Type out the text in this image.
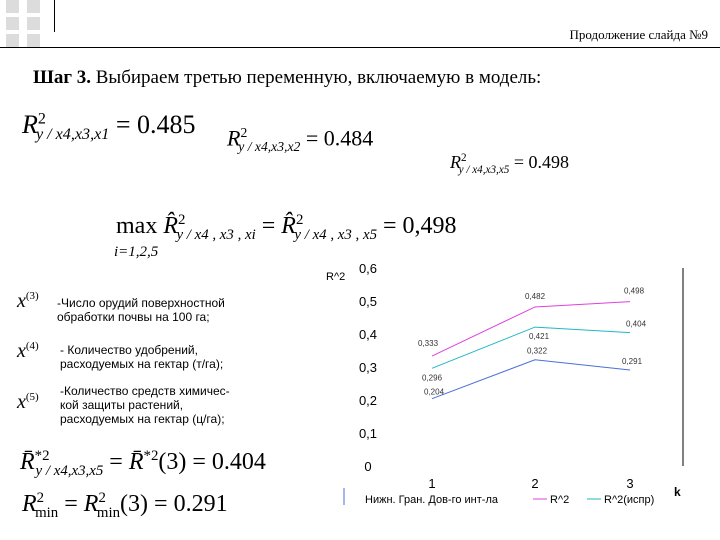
Продолжение слайда №9
Шаг 3. Выбираем третью переменную, включаемую в модель:
$R^2_{y / x4,x3,x1} = 0.485$ $R^2_{y / x4,x3,x2} = 0.484$
$R^2_{y / x4,x3,x5} = 0.498$
max R̂$^2_{y / x4 , x3 , xi}$ = R̂$^2_{y / x4 , x3 , x5}$ = 0,498
i=1,2,5
$x^{(3)}$ -Число орудий поверхностной
обработки почвы на 100 га;
$x^{(4)}$ - Количество удобрений,
расходуемых на гектар (т/га);
$x^{(5)}$ -Количество средств химичес-
кой защиты растений,
расходуемых на гектар (ц/га);
R̄$^{*2}_{y / x4,x3,x5}$ = R̄$^{*2}$(3) = 0.404
$R^2_{min} = R^2_{min}(3) = 0.291$
R^2
0
0,1
0,2
0,3
0,4
0,5
0,6
1	2	3
0,204
0,322
0,291
0,333
0,482
0,498
0,296
0,421
0,404
Нижн. Гран. Дов-го инт-ла	R^2	R^2(испр)
k
